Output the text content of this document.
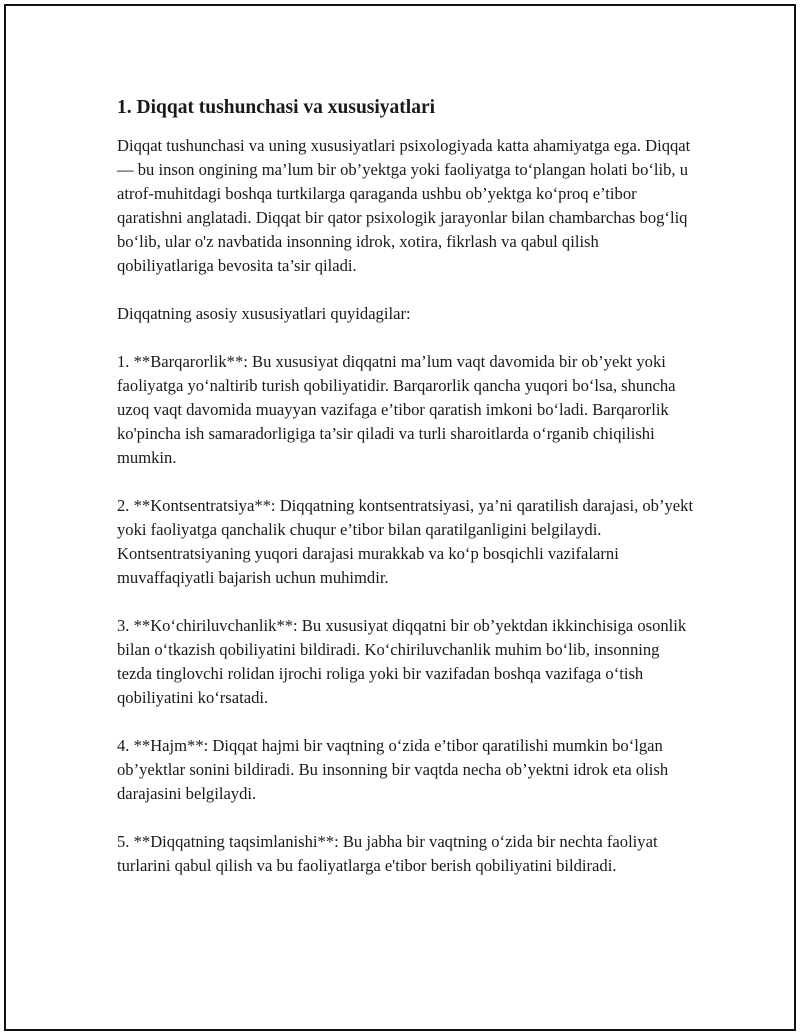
1. Diqqat tushunchasi va xususiyatlari

Diqqat tushunchasi va uning xususiyatlari psixologiyada katta ahamiyatga ega. Diqqat — bu inson ongining ma’lum bir ob’yektga yoki faoliyatga to‘plangan holati bo‘lib, u atrof-muhitdagi boshqa turtkilarga qaraganda ushbu ob’yektga ko‘proq e’tibor qaratishni anglatadi. Diqqat bir qator psixologik jarayonlar bilan chambarchas bog‘liq bo‘lib, ular o'z navbatida insonning idrok, xotira, fikrlash va qabul qilish qobiliyatlariga bevosita ta’sir qiladi.

Diqqatning asosiy xususiyatlari quyidagilar:

1. **Barqarorlik**: Bu xususiyat diqqatni ma’lum vaqt davomida bir ob’yekt yoki faoliyatga yo‘naltirib turish qobiliyatidir. Barqarorlik qancha yuqori bo‘lsa, shuncha uzoq vaqt davomida muayyan vazifaga e’tibor qaratish imkoni bo‘ladi. Barqarorlik ko'pincha ish samaradorligiga ta’sir qiladi va turli sharoitlarda o‘rganib chiqilishi mumkin.

2. **Kontsentratsiya**: Diqqatning kontsentratsiyasi, ya’ni qaratilish darajasi, ob’yekt yoki faoliyatga qanchalik chuqur e’tibor bilan qaratilganligini belgilaydi. Kontsentratsiyaning yuqori darajasi murakkab va ko‘p bosqichli vazifalarni muvaffaqiyatli bajarish uchun muhimdir.

3. **Ko‘chiriluvchanlik**: Bu xususiyat diqqatni bir ob’yektdan ikkinchisiga osonlik bilan o‘tkazish qobiliyatini bildiradi. Ko‘chiriluvchanlik muhim bo‘lib, insonning tezda tinglovchi rolidan ijrochi roliga yoki bir vazifadan boshqa vazifaga o‘tish qobiliyatini ko‘rsatadi.

4. **Hajm**: Diqqat hajmi bir vaqtning o‘zida e’tibor qaratilishi mumkin bo‘lgan ob’yektlar sonini bildiradi. Bu insonning bir vaqtda necha ob’yektni idrok eta olish darajasini belgilaydi.

5. **Diqqatning taqsimlanishi**: Bu jabha bir vaqtning o‘zida bir nechta faoliyat turlarini qabul qilish va bu faoliyatlarga e'tibor berish qobiliyatini bildiradi.
